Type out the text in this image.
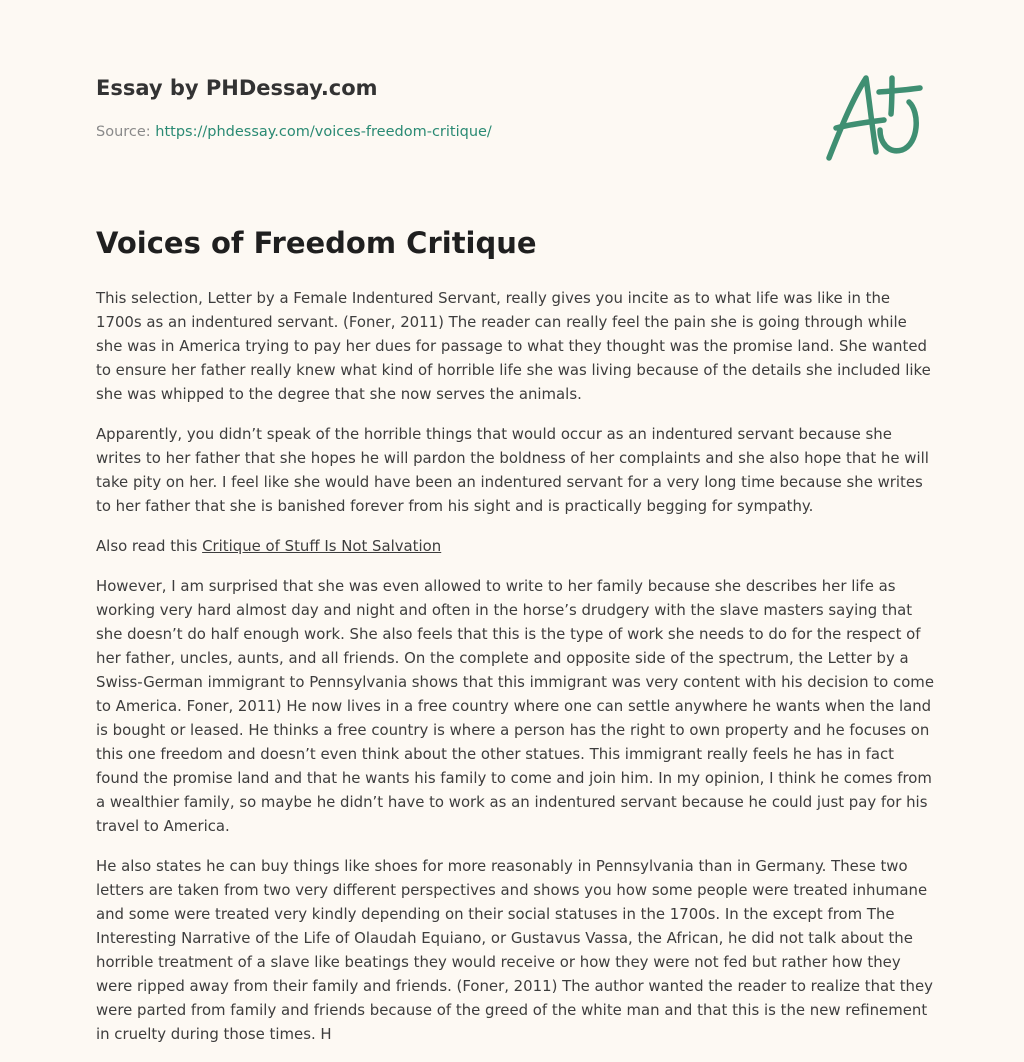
Essay by PHDessay.com
Source: https://phdessay.com/voices-freedom-critique/
Voices of Freedom Critique

This selection, Letter by a Female Indentured Servant, really gives you incite as to what life was like in the 1700s as an indentured servant. (Foner, 2011) The reader can really feel the pain she is going through while she was in America trying to pay her dues for passage to what they thought was the promise land. She wanted to ensure her father really knew what kind of horrible life she was living because of the details she included like she was whipped to the degree that she now serves the animals.

Apparently, you didn’t speak of the horrible things that would occur as an indentured servant because she writes to her father that she hopes he will pardon the boldness of her complaints and she also hope that he will take pity on her. I feel like she would have been an indentured servant for a very long time because she writes to her father that she is banished forever from his sight and is practically begging for sympathy.

Also read this Critique of Stuff Is Not Salvation

However, I am surprised that she was even allowed to write to her family because she describes her life as working very hard almost day and night and often in the horse’s drudgery with the slave masters saying that she doesn’t do half enough work. She also feels that this is the type of work she needs to do for the respect of her father, uncles, aunts, and all friends. On the complete and opposite side of the spectrum, the Letter by a Swiss-German immigrant to Pennsylvania shows that this immigrant was very content with his decision to come to America. Foner, 2011) He now lives in a free country where one can settle anywhere he wants when the land is bought or leased. He thinks a free country is where a person has the right to own property and he focuses on this one freedom and doesn’t even think about the other statues. This immigrant really feels he has in fact found the promise land and that he wants his family to come and join him. In my opinion, I think he comes from a wealthier family, so maybe he didn’t have to work as an indentured servant because he could just pay for his travel to America.

He also states he can buy things like shoes for more reasonably in Pennsylvania than in Germany. These two letters are taken from two very different perspectives and shows you how some people were treated inhumane and some were treated very kindly depending on their social statuses in the 1700s. In the except from The Interesting Narrative of the Life of Olaudah Equiano, or Gustavus Vassa, the African, he did not talk about the horrible treatment of a slave like beatings they would receive or how they were not fed but rather how they were ripped away from their family and friends. (Foner, 2011) The author wanted the reader to realize that they were parted from family and friends because of the greed of the white man and that this is the new refinement in cruelty during those times. H
